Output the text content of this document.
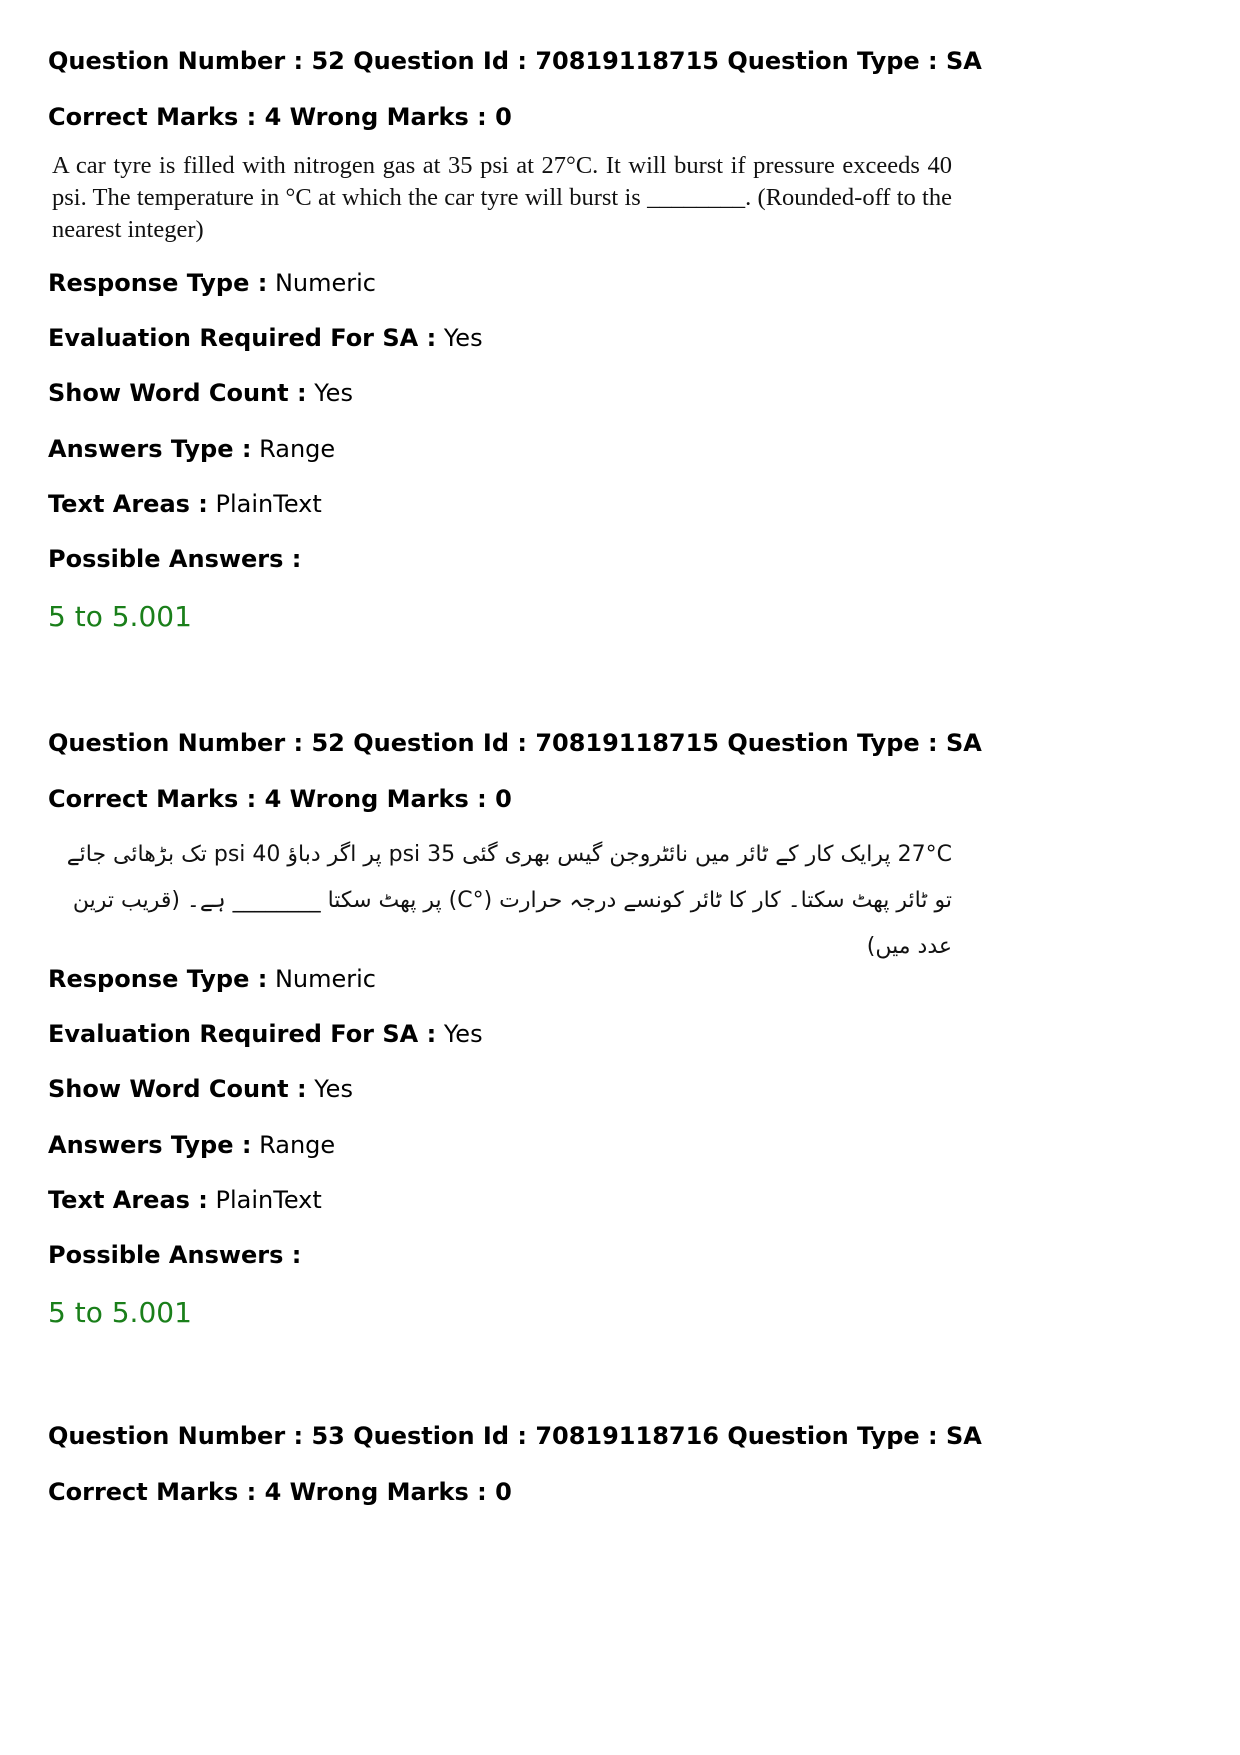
Question Number : 52 Question Id : 70819118715 Question Type : SA
Correct Marks : 4 Wrong Marks : 0
A car tyre is filled with nitrogen gas at 35 psi at 27°C. It will burst if pressure exceeds 40 psi. The temperature in °C at which the car tyre will burst is ________. (Rounded-off to the nearest integer)
Response Type : Numeric
Evaluation Required For SA : Yes
Show Word Count : Yes
Answers Type : Range
Text Areas : PlainText
Possible Answers :
5 to 5.001
Question Number : 52 Question Id : 70819118715 Question Type : SA
Correct Marks : 4 Wrong Marks : 0
27°C پرایک کار کے ٹائر میں نائٹروجن گیس بھری گئی psi 35 پر اگر دباؤ psi 40 تک بڑھائی جائے تو ٹائر پھٹ سکتا۔ کار کا ٹائر کونسے درجہ حرارت (°C) پر پھٹ سکتا ________ ہے۔ (قریب ترین عدد میں)
Response Type : Numeric
Evaluation Required For SA : Yes
Show Word Count : Yes
Answers Type : Range
Text Areas : PlainText
Possible Answers :
5 to 5.001
Question Number : 53 Question Id : 70819118716 Question Type : SA
Correct Marks : 4 Wrong Marks : 0
